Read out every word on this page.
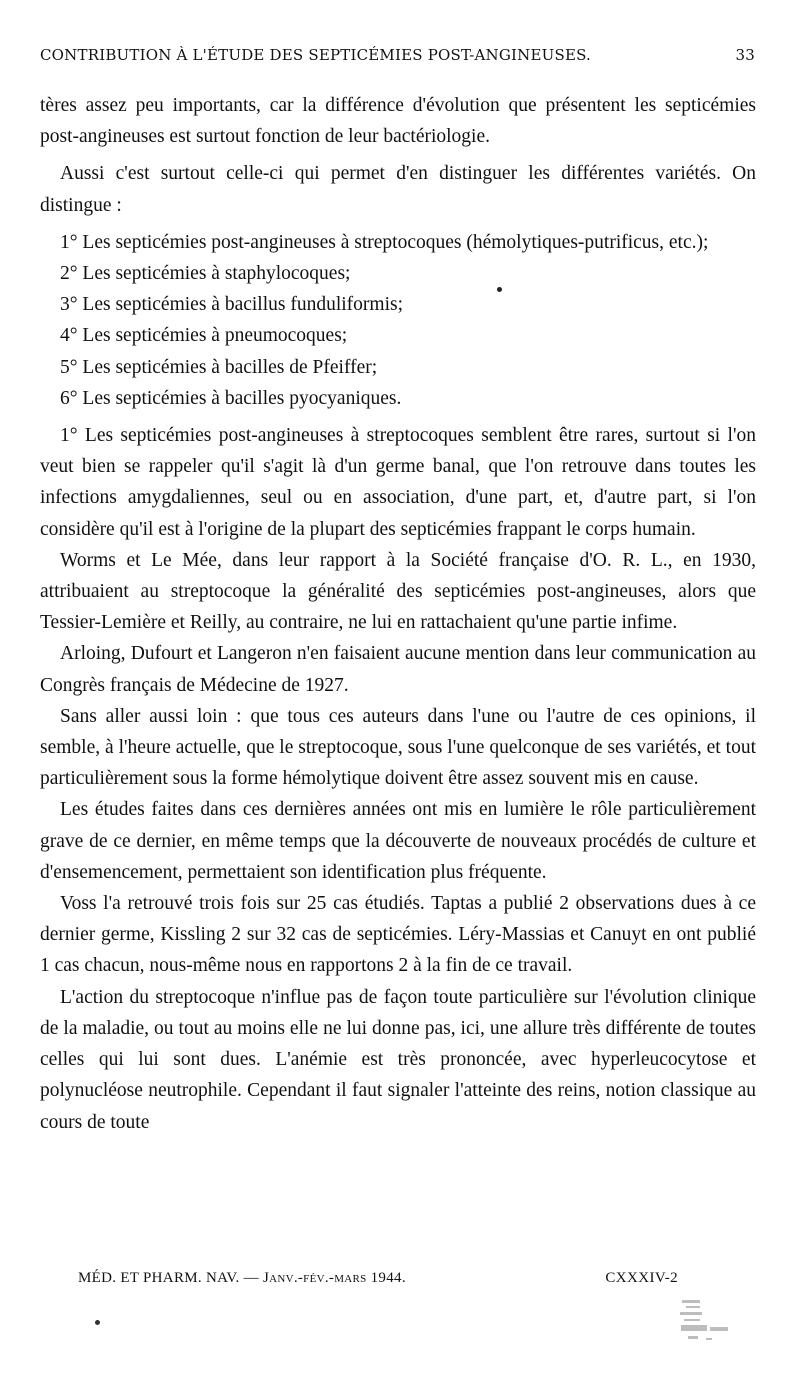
CONTRIBUTION À L'ÉTUDE DES SEPTICÉMIES POST-ANGINEUSES.	33

tères assez peu importants, car la différence d'évolution que présentent les septicémies post-angineuses est surtout fonction de leur bactériologie.

Aussi c'est surtout celle-ci qui permet d'en distinguer les différentes variétés. On distingue :

1° Les septicémies post-angineuses à streptocoques (hémolytiques-putrificus, etc.);

2° Les septicémies à staphylocoques;

3° Les septicémies à bacillus funduliformis;

4° Les septicémies à pneumocoques;

5° Les septicémies à bacilles de Pfeiffer;

6° Les septicémies à bacilles pyocyaniques.

1° Les septicémies post-angineuses à streptocoques semblent être rares, surtout si l'on veut bien se rappeler qu'il s'agit là d'un germe banal, que l'on retrouve dans toutes les infections amygdaliennes, seul ou en association, d'une part, et, d'autre part, si l'on considère qu'il est à l'origine de la plupart des septicémies frappant le corps humain.

Worms et Le Mée, dans leur rapport à la Société française d'O. R. L., en 1930, attribuaient au streptocoque la généralité des septicémies post-angineuses, alors que Tessier-Lemière et Reilly, au contraire, ne lui en rattachaient qu'une partie infime.

Arloing, Dufourt et Langeron n'en faisaient aucune mention dans leur communication au Congrès français de Médecine de 1927.

Sans aller aussi loin : que tous ces auteurs dans l'une ou l'autre de ces opinions, il semble, à l'heure actuelle, que le streptocoque, sous l'une quelconque de ses variétés, et tout particulièrement sous la forme hémolytique doivent être assez souvent mis en cause.

Les études faites dans ces dernières années ont mis en lumière le rôle particulièrement grave de ce dernier, en même temps que la découverte de nouveaux procédés de culture et d'ensemencement, permettaient son identification plus fréquente.

Voss l'a retrouvé trois fois sur 25 cas étudiés. Taptas a publié 2 observations dues à ce dernier germe, Kissling 2 sur 32 cas de septicémies. Léry-Massias et Canuyt en ont publié 1 cas chacun, nous-même nous en rapportons 2 à la fin de ce travail.

L'action du streptocoque n'influe pas de façon toute particulière sur l'évolution clinique de la maladie, ou tout au moins elle ne lui donne pas, ici, une allure très différente de toutes celles qui lui sont dues. L'anémie est très prononcée, avec hyperleucocytose et polynucléose neutrophile. Cependant il faut signaler l'atteinte des reins, notion classique au cours de toute

MÉD. ET PHARM. NAV. — Janv.-fév.-mars 1944.	CXXXIV-2
